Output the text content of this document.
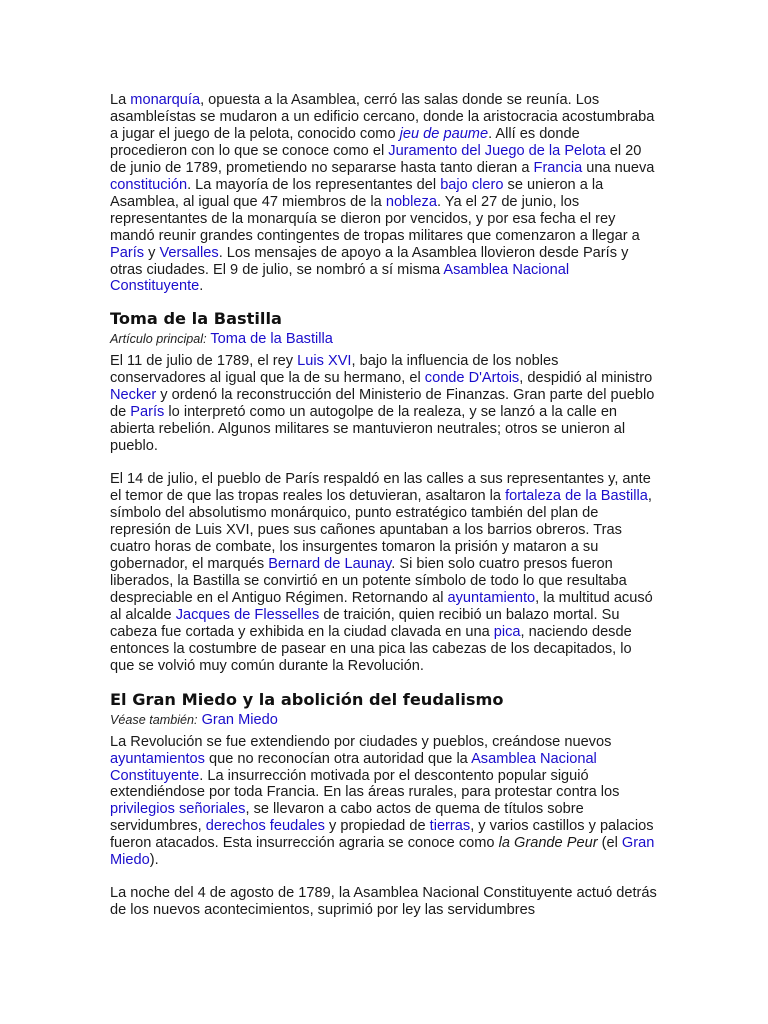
La monarquía, opuesta a la Asamblea, cerró las salas donde se reunía. Los asambleístas se mudaron a un edificio cercano, donde la aristocracia acostumbraba a jugar el juego de la pelota, conocido como jeu de paume. Allí es donde procedieron con lo que se conoce como el Juramento del Juego de la Pelota el 20 de junio de 1789, prometiendo no separarse hasta tanto dieran a Francia una nueva constitución. La mayoría de los representantes del bajo clero se unieron a la Asamblea, al igual que 47 miembros de la nobleza. Ya el 27 de junio, los representantes de la monarquía se dieron por vencidos, y por esa fecha el rey mandó reunir grandes contingentes de tropas militares que comenzaron a llegar a París y Versalles. Los mensajes de apoyo a la Asamblea llovieron desde París y otras ciudades. El 9 de julio, se nombró a sí misma Asamblea Nacional Constituyente.

Toma de la Bastilla
Artículo principal: Toma de la Bastilla

El 11 de julio de 1789, el rey Luis XVI, bajo la influencia de los nobles conservadores al igual que la de su hermano, el conde D'Artois, despidió al ministro Necker y ordenó la reconstrucción del Ministerio de Finanzas. Gran parte del pueblo de París lo interpretó como un autogolpe de la realeza, y se lanzó a la calle en abierta rebelión. Algunos militares se mantuvieron neutrales; otros se unieron al pueblo.

El 14 de julio, el pueblo de París respaldó en las calles a sus representantes y, ante el temor de que las tropas reales los detuvieran, asaltaron la fortaleza de la Bastilla, símbolo del absolutismo monárquico, punto estratégico también del plan de represión de Luis XVI, pues sus cañones apuntaban a los barrios obreros. Tras cuatro horas de combate, los insurgentes tomaron la prisión y mataron a su gobernador, el marqués Bernard de Launay. Si bien solo cuatro presos fueron liberados, la Bastilla se convirtió en un potente símbolo de todo lo que resultaba despreciable en el Antiguo Régimen. Retornando al ayuntamiento, la multitud acusó al alcalde Jacques de Flesselles de traición, quien recibió un balazo mortal. Su cabeza fue cortada y exhibida en la ciudad clavada en una pica, naciendo desde entonces la costumbre de pasear en una pica las cabezas de los decapitados, lo que se volvió muy común durante la Revolución.

El Gran Miedo y la abolición del feudalismo
Véase también: Gran Miedo

La Revolución se fue extendiendo por ciudades y pueblos, creándose nuevos ayuntamientos que no reconocían otra autoridad que la Asamblea Nacional Constituyente. La insurrección motivada por el descontento popular siguió extendiéndose por toda Francia. En las áreas rurales, para protestar contra los privilegios señoriales, se llevaron a cabo actos de quema de títulos sobre servidumbres, derechos feudales y propiedad de tierras, y varios castillos y palacios fueron atacados. Esta insurrección agraria se conoce como la Grande Peur (el Gran Miedo).

La noche del 4 de agosto de 1789, la Asamblea Nacional Constituyente actuó detrás de los nuevos acontecimientos, suprimió por ley las servidumbres
